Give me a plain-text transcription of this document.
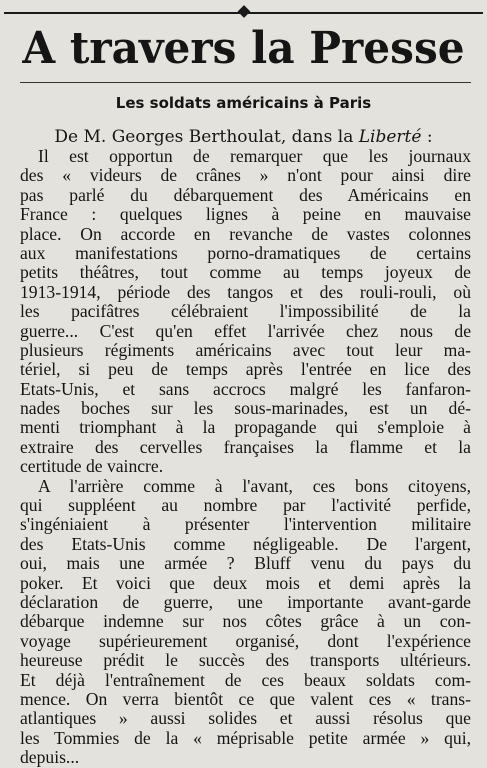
A travers la Presse
Les soldats américains à Paris
De M. Georges Berthoulat, dans la Liberté :
Il est opportun de remarquer que les journaux
des « videurs de crânes » n'ont pour ainsi dire
pas parlé du débarquement des Américains en
France : quelques lignes à peine en mauvaise
place. On accorde en revanche de vastes colonnes
aux manifestations porno-dramatiques de certains
petits théâtres, tout comme au temps joyeux de
1913-1914, période des tangos et des rouli-rouli, où
les pacifâtres célébraient l'impossibilité de la
guerre... C'est qu'en effet l'arrivée chez nous de
plusieurs régiments américains avec tout leur ma-
tériel, si peu de temps après l'entrée en lice des
Etats-Unis, et sans accrocs malgré les fanfaron-
nades boches sur les sous-marinades, est un dé-
menti triomphant à la propagande qui s'emploie à
extraire des cervelles françaises la flamme et la
certitude de vaincre.
A l'arrière comme à l'avant, ces bons citoyens,
qui suppléent au nombre par l'activité perfide,
s'ingéniaient à présenter l'intervention militaire
des Etats-Unis comme négligeable. De l'argent,
oui, mais une armée ? Bluff venu du pays du
poker. Et voici que deux mois et demi après la
déclaration de guerre, une importante avant-garde
débarque indemne sur nos côtes grâce à un con-
voyage supérieurement organisé, dont l'expérience
heureuse prédit le succès des transports ultérieurs.
Et déjà l'entraînement de ces beaux soldats com-
mence. On verra bientôt ce que valent ces « trans-
atlantiques » aussi solides et aussi résolus que
les Tommies de la « méprisable petite armée » qui,
depuis...
